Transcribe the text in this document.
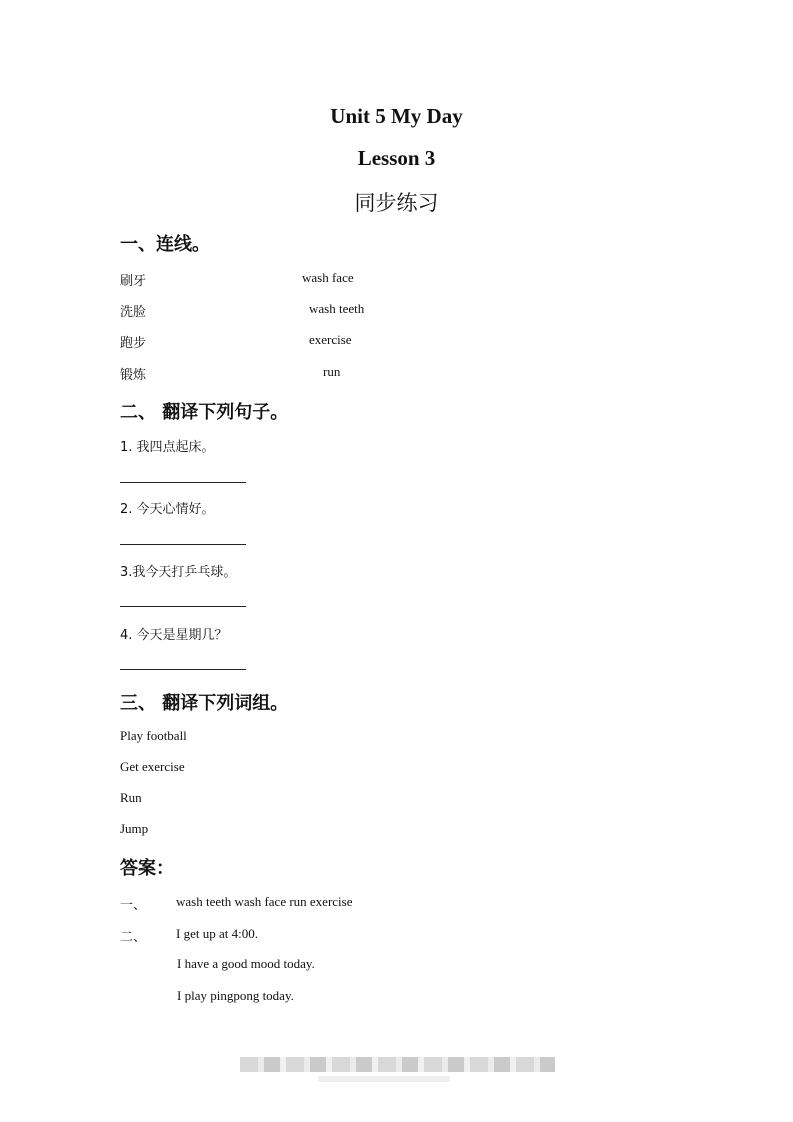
Unit 5 My Day
Lesson 3
同步练习
一、连线。
刷牙	wash face
洗脸	wash teeth
跑步	exercise
锻炼	run
二、 翻译下列句子。
1. 我四点起床。
2. 今天心情好。
3.我今天打乒乓球。
4. 今天是星期几？
三、 翻译下列词组。
Play football
Get exercise
Run
Jump
答案：
一、 wash teeth wash face run exercise
二、 I get up at 4:00.
I have a good mood today.
I play pingpong today.
